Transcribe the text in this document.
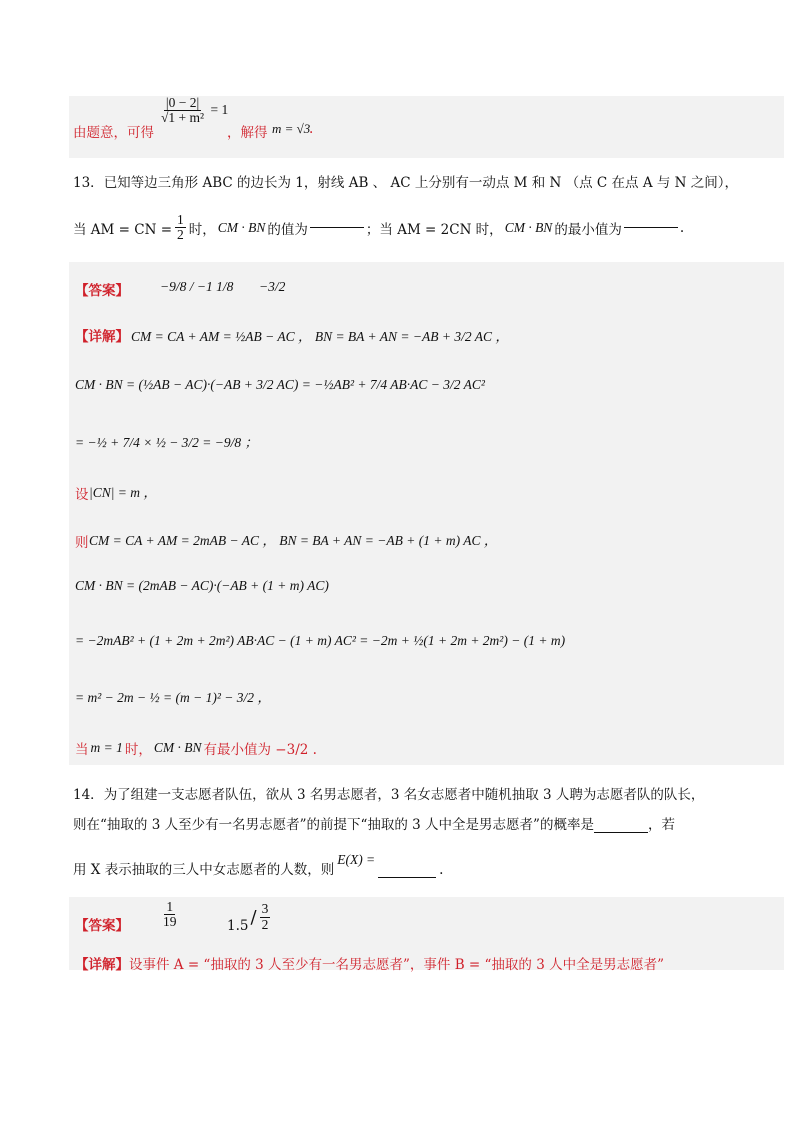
由题意，可得
$\frac{|0 - 2|}{\text{√1 + m²}} = 1$
，解得 m = √3
.
13．已知等边三角形 ABC 的边长为 1，射线 AB 、 AC 上分别有一动点 M 和 N （点 C 在点 A 与 N 之间），
当 AM = CN = $\frac{1}{2}$ 时， CM · BN 的值为	；当 AM = 2CN 时， CM · BN 的最小值为	.
【答案】 −9/8 / −1 1/8 −3/2
【详解】 CM = CA + AM = ½AB − AC ， BN = BA + AN = −AB + 3/2 AC ，
CM · BN = (½AB − AC)·(−AB + 3/2 AC) = −½AB² + 7/4 AB·AC − 3/2 AC²
= −½ + 7/4 × ½ − 3/2 = −9/8 ；
设 |CN| = m ，
则 CM = CA + AM = 2mAB − AC ， BN = BA + AN = −AB + (1 + m) AC ，
CM · BN = (2mAB − AC)·(−AB + (1 + m) AC)
= −2mAB² + (1 + 2m + 2m²) AB·AC − (1 + m) AC² = −2m + ½(1 + 2m + 2m²) − (1 + m)
= m² − 2m − ½ = (m − 1)² − 3/2 ，
当 m = 1 时， CM · BN 有最小值为 −3/2 .
14．为了组建一支志愿者队伍，欲从 3 名男志愿者，3 名女志愿者中随机抽取 3 人聘为志愿者队的队长，
则在“抽取的 3 人至少有一名男志愿者”的前提下“抽取的 3 人中全是男志愿者”的概率是	，若
用 X 表示抽取的三人中女志愿者的人数，则
E(X) =
.
【答案】 $\frac{1}{19}$	$1.5 / \frac{3}{2}$
【详解】设事件 A = “抽取的 3 人至少有一名男志愿者”，事件 B = “抽取的 3 人中全是男志愿者”
